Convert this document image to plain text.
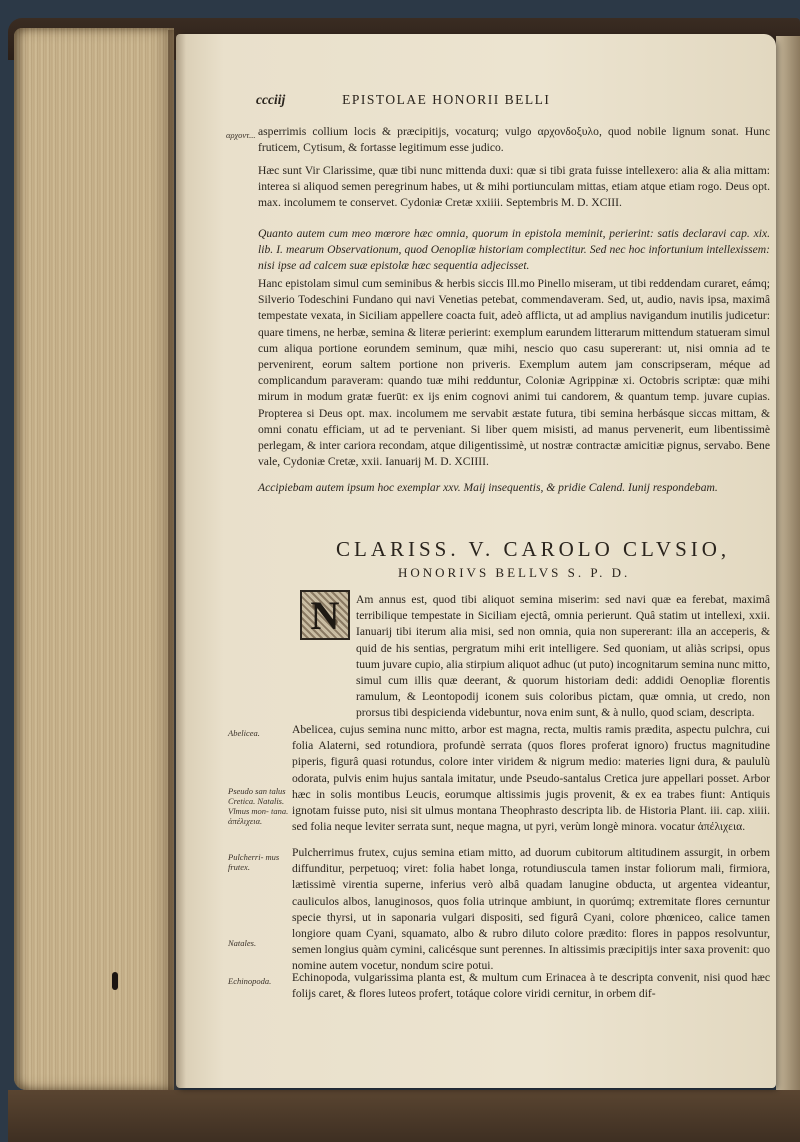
ccciij	EPISTOLAE HONORII BELLI
αρχοντ... asperrimis collium locis & præcipitijs, vocaturq; vulgo αρχονδοξυλο, quod nobile lignum sonat. Hunc fruticem, Cytisum, & fortasse legitimum esse judico.

Hæc sunt Vir Clarissime, quæ tibi nunc mittenda duxi: quæ si tibi grata fuisse intellexero: alia & alia mittam: interea si aliquod semen peregrinum habes, ut & mihi portiunculam mittas, etiam atque etiam rogo. Deus opt. max. incolumem te conservet. Cydoniæ Cretæ xxiiii. Septembris M. D. XCIII.

Quanto autem cum meo mœrore hæc omnia, quorum in epistola meminit, perierint: satis declaravi cap. xix. lib. I. mearum Observationum, quod Oenopliæ historiam complectitur. Sed nec hoc infortunium intellexissem: nisi ipse ad calcem suæ epistolæ hæc sequentia adjecisset.

Hanc epistolam simul cum seminibus & herbis siccis Ill.mo Pinello miseram, ut tibi reddendam curaret, eámq; Silverio Todeschini Fundano qui navi Venetias petebat, commendaveram. Sed, ut, audio, navis ipsa, maximâ tempestate vexata, in Siciliam appellere coacta fuit, adeò afflicta, ut ad amplius navigandum inutilis judicetur: quare timens, ne herbæ, semina & literæ perierint: exemplum earundem litterarum mittendum statueram simul cum aliqua portione eorundem seminum, quæ mihi, nescio quo casu supererant: ut, nisi omnia ad te pervenirent, eorum saltem portione non priveris. Exemplum autem jam conscripseram, méque ad complicandum paraveram: quando tuæ mihi redduntur, Coloniæ Agrippinæ xi. Octobris scriptæ: quæ mihi mirum in modum gratæ fuerūt: ex ijs enim cognovi animi tui candorem, & quantum temp. juvare cupias. Propterea si Deus opt. max. incolumem me servabit æstate futura, tibi semina herbásque siccas mittam, & omni conatu efficiam, ut ad te perveniant. Si liber quem misisti, ad manus pervenerit, eum libentissimè perlegam, & inter cariora recondam, atque diligentissimè, ut nostræ contractæ amicitiæ pignus, servabo. Bene vale, Cydoniæ Cretæ, xxii. Ianuarij M. D. XCIIII.

Accipiebam autem ipsum hoc exemplar xxv. Maij insequentis, & pridie Calend. Iunij respondebam.

CLARISS. V. CAROLO CLVSIO,
HONORIVS BELLVS S. P. D.
N	Am annus est, quod tibi aliquot semina miserim: sed navi quæ ea ferebat, maximâ terribilique tempestate in Siciliam ejectâ, omnia perierunt. Quâ statim ut intellexi, xxii. Ianuarij tibi iterum alia misi, sed non omnia, quia non supererant: illa an acceperis, & quid de his sentias, pergratum mihi erit intelligere. Sed quoniam, ut aliàs scripsi, opus tuum juvare cupio, alia stirpium aliquot adhuc (ut puto) incognitarum semina nunc mitto, simul cum illis quæ deerant, & quorum historiam dedi: addidi Oenopliæ florentis ramulum, & Leontopodij iconem suis coloribus pictam, quæ omnia, ut credo, non prorsus tibi despicienda videbuntur, nova enim sunt, & à nullo, quod sciam, descripta.

Abelicea.
Pseudo san talus Cretica. Natalis. Vlmus mon- tana. ἀπέλιχεια.

Abelicea, cujus semina nunc mitto, arbor est magna, recta, multis ramis prædita, aspectu pulchra, cui folia Alaterni, sed rotundiora, profundè serrata (quos flores proferat ignoro) fructus magnitudine piperis, figurâ quasi rotundus, colore inter viridem & nigrum medio: materies ligni dura, & paululù odorata, pulvis enim hujus santala imitatur, unde Pseudo-santalus Cretica jure appellari posset. Arbor hæc in solis montibus Leucis, eorumque altissimis jugis provenit, & ex ea trabes fiunt: Antiquis ignotam fuisse puto, nisi sit ulmus montana Theophrasto descripta lib. de Historia Plant. iii. cap. xiiii. sed folia neque leviter serrata sunt, neque magna, ut pyri, verùm longè minora. vocatur ἀπέλιχεια.

Pulcherri- mus frutex.
Natales.

Pulcherrimus frutex, cujus semina etiam mitto, ad duorum cubitorum altitudinem assurgit, in orbem diffunditur, perpetuoq; viret: folia habet longa, rotundiuscula tamen instar foliorum mali, firmiora, lætissimè virentia superne, inferius verò albâ quadam lanugine obducta, ut argentea videantur, cauliculos albos, lanuginosos, quos folia utrinque ambiunt, in quorúmq; extremitate flores cernuntur specie thyrsi, ut in saponaria vulgari dispositi, sed figurâ Cyani, colore phœniceo, calice tamen longiore quam Cyani, squamato, albo & rubro diluto colore prædito: flores in pappos resolvuntur, semen longius quàm cymini, calicésque sunt perennes. In altissimis præcipitijs inter saxa provenit: quo nomine autem vocetur, nondum scire potui.

Echinopoda.	Echinopoda, vulgarissima planta est, & multum cum Erinacea à te descripta convenit, nisi quod hæc folijs caret, & flores luteos profert, totáque colore viridi cernitur, in orbem dif-
